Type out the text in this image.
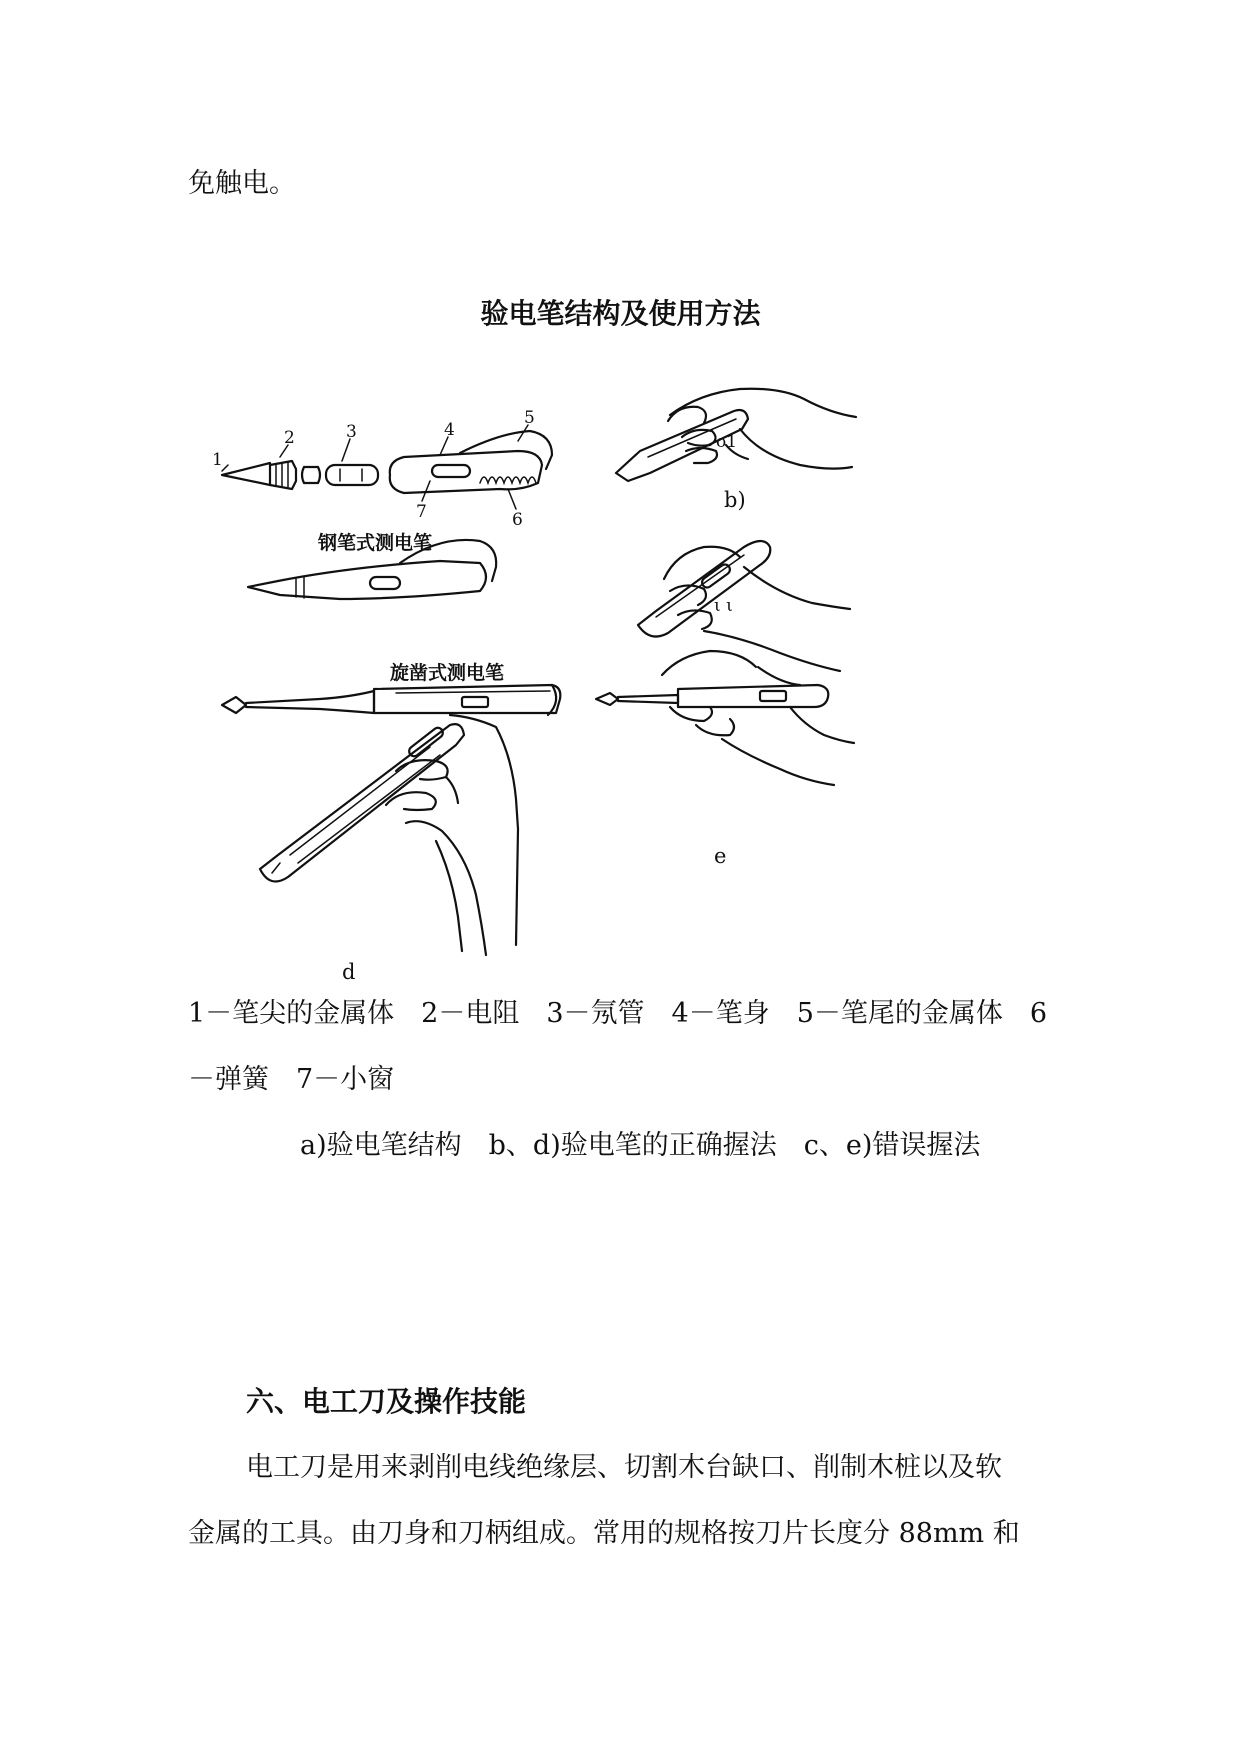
免触电。
验电笔结构及使用方法
1
2	3	4
5
6
7
钢笔式测电笔
旋凿式测电笔
d
o1
b)
ι ι
e
1－笔尖的金属体　2－电阻　3－氖管　4－笔身　5－笔尾的金属体　6
－弹簧　7－小窗
a)验电笔结构　b、d)验电笔的正确握法　c、e)错误握法
六、电工刀及操作技能
电工刀是用来剥削电线绝缘层、切割木台缺口、削制木桩以及软
金属的工具。由刀身和刀柄组成。常用的规格按刀片长度分 88mm 和
